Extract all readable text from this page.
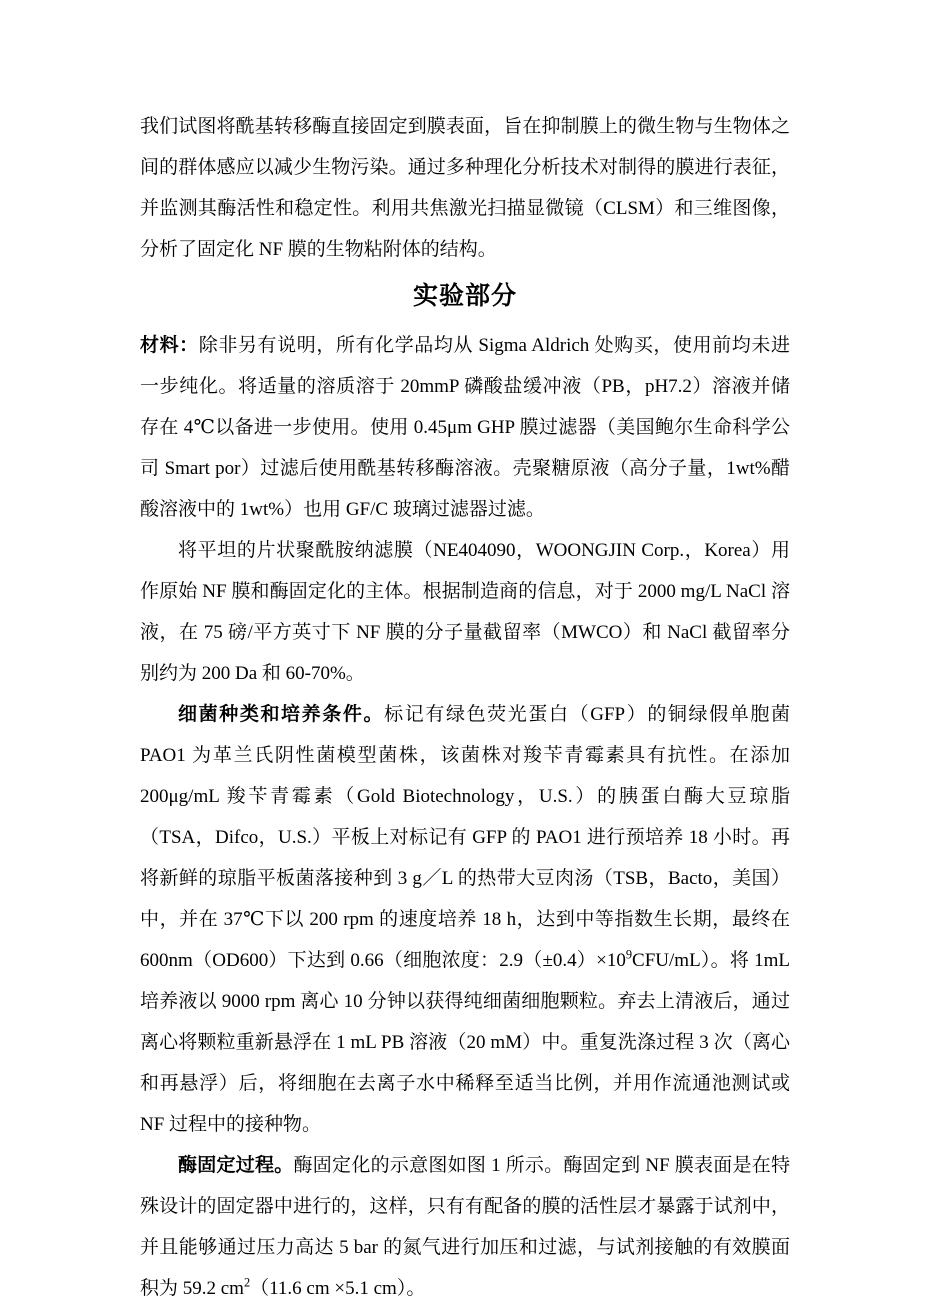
我们试图将酰基转移酶直接固定到膜表面，旨在抑制膜上的微生物与生物体之间的群体感应以减少生物污染。通过多种理化分析技术对制得的膜进行表征，并监测其酶活性和稳定性。利用共焦激光扫描显微镜（CLSM）和三维图像，分析了固定化 NF 膜的生物粘附体的结构。

实验部分

材料：除非另有说明，所有化学品均从 Sigma Aldrich 处购买，使用前均未进一步纯化。将适量的溶质溶于 20mmP 磷酸盐缓冲液（PB，pH7.2）溶液并储存在 4℃以备进一步使用。使用 0.45μm GHP 膜过滤器（美国鲍尔生命科学公司 Smart por）过滤后使用酰基转移酶溶液。壳聚糖原液（高分子量，1wt%醋酸溶液中的 1wt%）也用 GF/C 玻璃过滤器过滤。

将平坦的片状聚酰胺纳滤膜（NE404090，WOONGJIN Corp.，Korea）用作原始 NF 膜和酶固定化的主体。根据制造商的信息，对于 2000 mg/L NaCl 溶液，在 75 磅/平方英寸下 NF 膜的分子量截留率（MWCO）和 NaCl 截留率分别约为 200 Da 和 60-70%。

细菌种类和培养条件。标记有绿色荧光蛋白（GFP）的铜绿假单胞菌 PAO1 为革兰氏阴性菌模型菌株，该菌株对羧苄青霉素具有抗性。在添加 200μg/mL 羧苄青霉素（Gold Biotechnology，U.S.）的胰蛋白酶大豆琼脂（TSA，Difco，U.S.）平板上对标记有 GFP 的 PAO1 进行预培养 18 小时。再将新鲜的琼脂平板菌落接种到 3 g／L 的热带大豆肉汤（TSB，Bacto，美国）中，并在 37℃下以 200 rpm 的速度培养 18 h，达到中等指数生长期，最终在 600nm（OD600）下达到 0.66（细胞浓度：$2.9(\pm 0.4)\times 10^9CFU/mL$）。将 1mL 培养液以 9000 rpm 离心 10 分钟以获得纯细菌细胞颗粒。弃去上清液后，通过离心将颗粒重新悬浮在 1 mL PB 溶液（20 mM）中。重复洗涤过程 3 次（离心和再悬浮）后，将细胞在去离子水中稀释至适当比例，并用作流通池测试或 NF 过程中的接种物。

酶固定过程。酶固定化的示意图如图 1 所示。酶固定到 NF 膜表面是在特殊设计的固定器中进行的，这样，只有有配备的膜的活性层才暴露于试剂中，并且能够通过压力高达 5 bar 的氮气进行加压和过滤，与试剂接触的有效膜面积为 59.2 $cm^2(11.6$ cm ×5.1 cm）。
